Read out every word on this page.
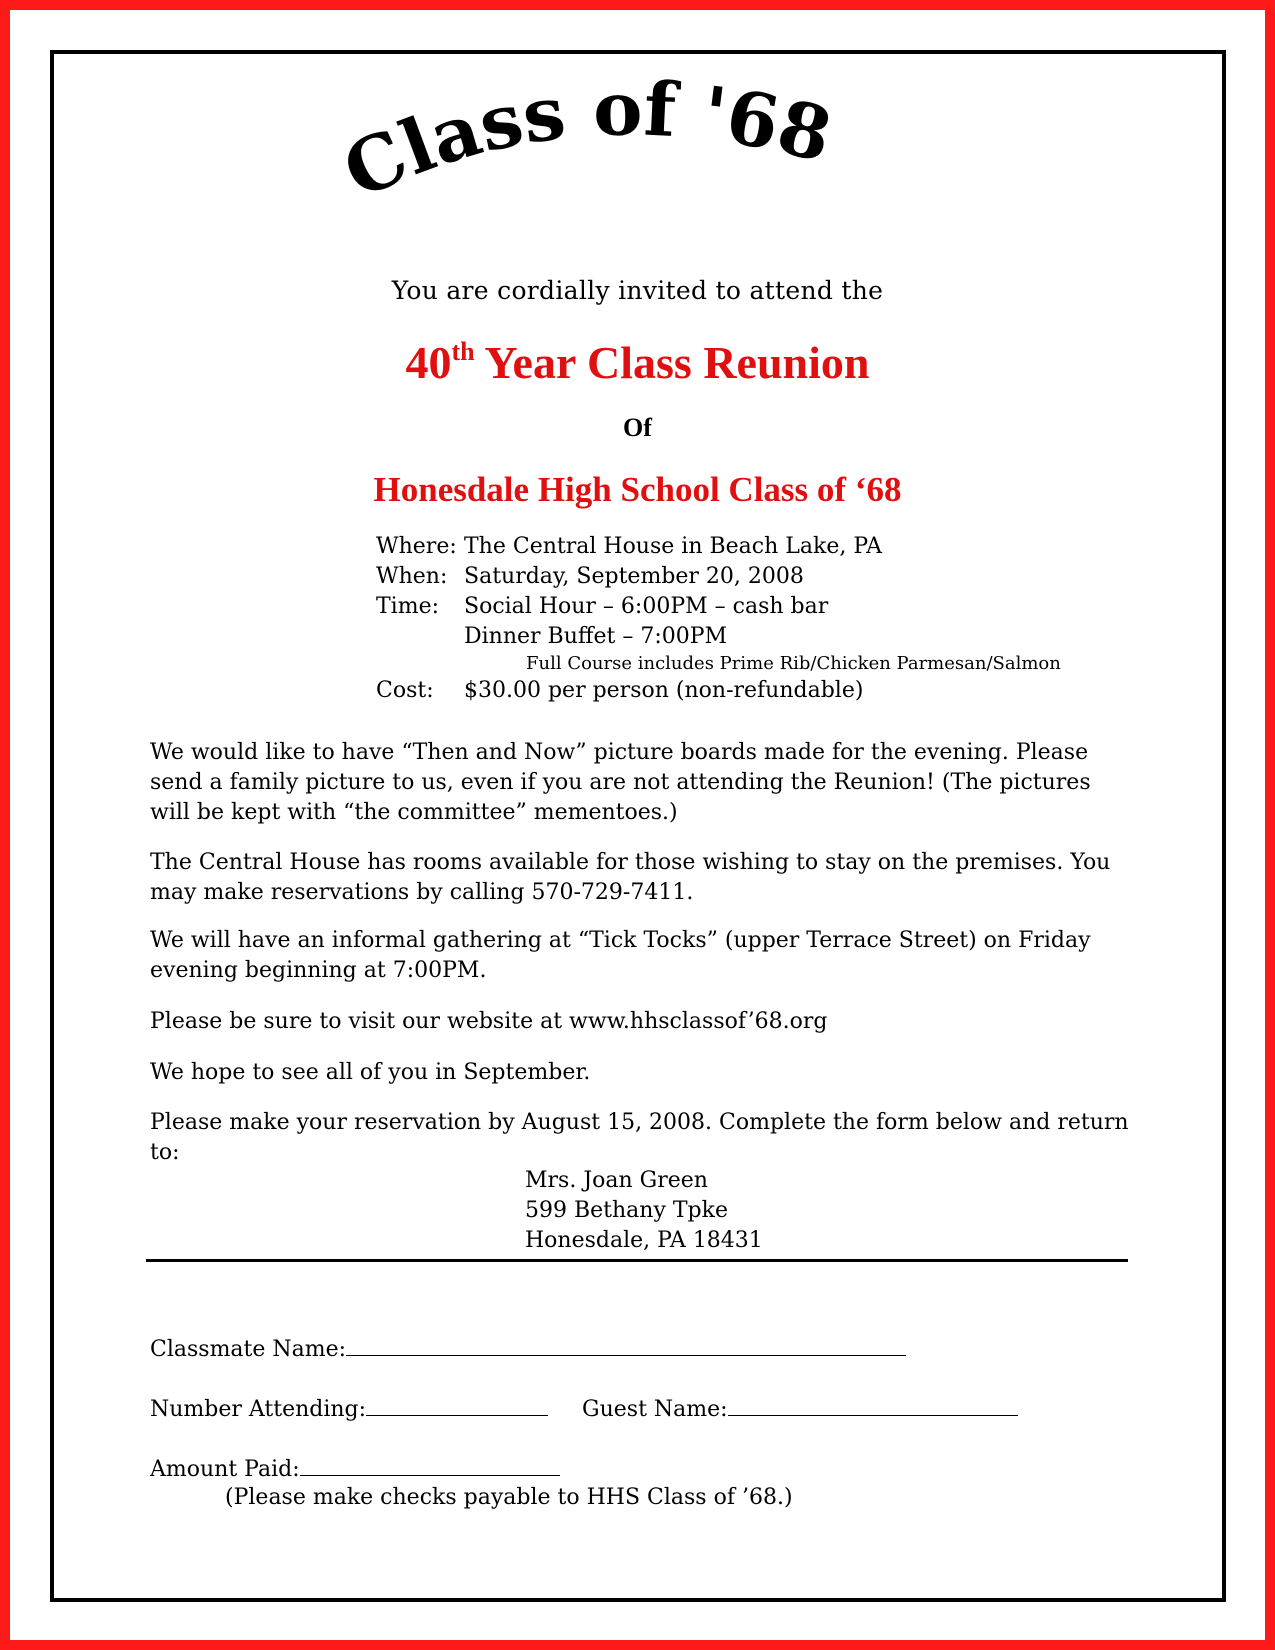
Class of '68
You are cordially invited to attend the
40th Year Class Reunion
Of
Honesdale High School Class of ‘68
Where: The Central House in Beach Lake, PA
When: Saturday, September 20, 2008
Time:	Social Hour – 6:00PM – cash bar
Dinner Buffet – 7:00PM
Full Course includes Prime Rib/Chicken Parmesan/Salmon
Cost:	$30.00 per person (non-refundable)
We would like to have “Then and Now” picture boards made for the evening. Please send a family picture to us, even if you are not attending the Reunion! (The pictures will be kept with “the committee” mementoes.)
The Central House has rooms available for those wishing to stay on the premises. You may make reservations by calling 570-729-7411.
We will have an informal gathering at “Tick Tocks” (upper Terrace Street) on Friday evening beginning at 7:00PM.
Please be sure to visit our website at www.hhsclassof’68.org
We hope to see all of you in September.
Please make your reservation by August 15, 2008. Complete the form below and return to:
Mrs. Joan Green
599 Bethany Tpke
Honesdale, PA 18431
Classmate Name:
Number Attending:	Guest Name:
Amount Paid:
(Please make checks payable to HHS Class of ’68.)
